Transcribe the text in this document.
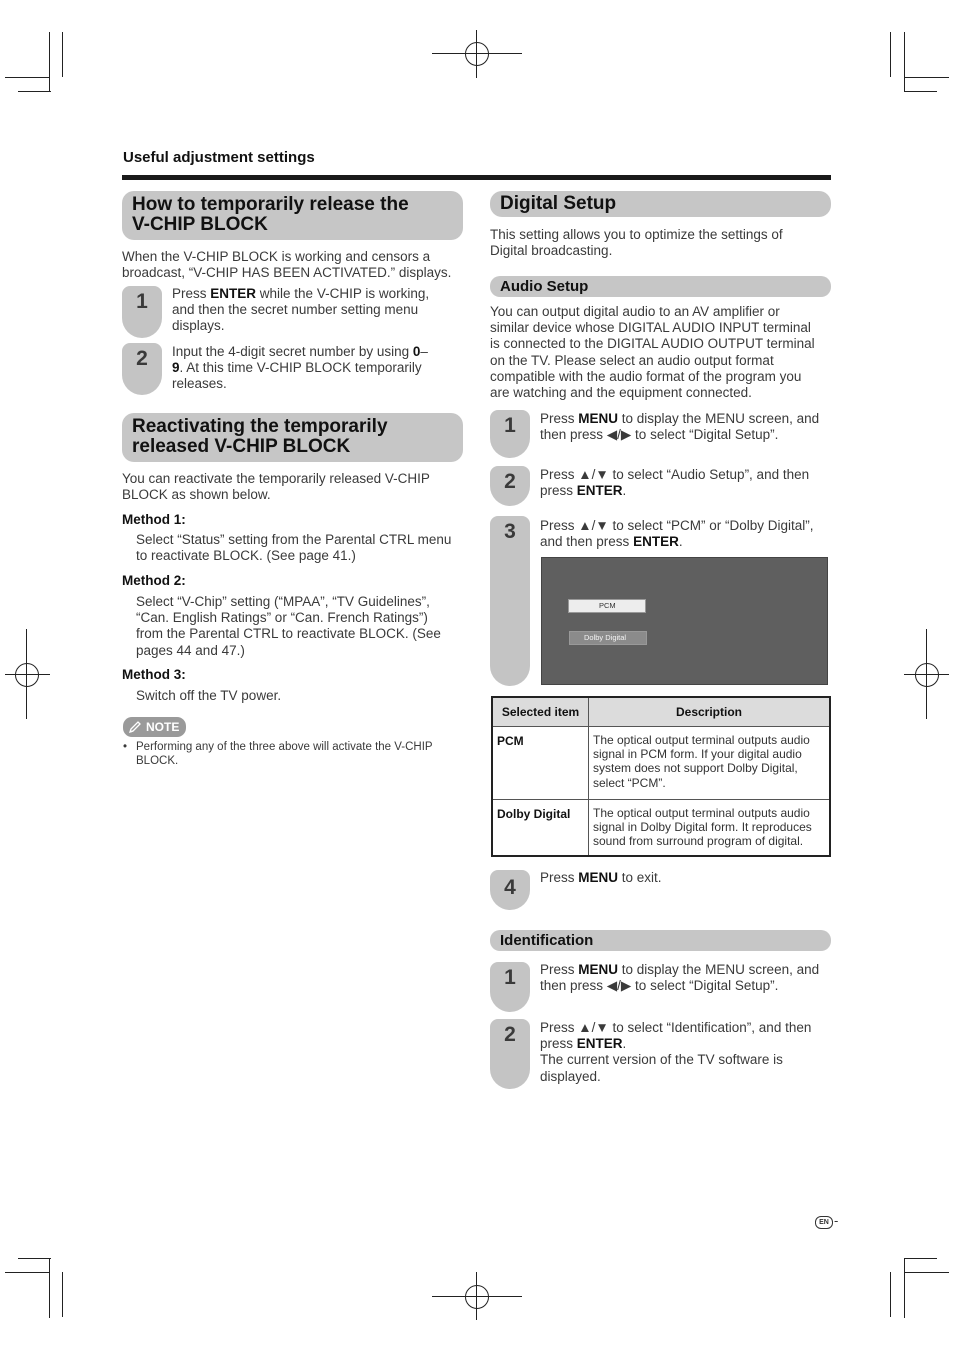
Useful adjustment settings
How to temporarily release the
V-CHIP BLOCK
When the V-CHIP BLOCK is working and censors a
broadcast, “V-CHIP HAS BEEN ACTIVATED.” displays.
1	Press ENTER while the V-CHIP is working,
and then the secret number setting menu
displays.
2	Input the 4-digit secret number by using 0–
9. At this time V-CHIP BLOCK temporarily
releases.
Reactivating the temporarily
released V-CHIP BLOCK
You can reactivate the temporarily released V-CHIP
BLOCK as shown below.
Method 1:
Select “Status” setting from the Parental CTRL menu
to reactivate BLOCK. (See page 41.)
Method 2:
Select “V-Chip” setting (“MPAA”, “TV Guidelines”,
“Can. English Ratings” or “Can. French Ratings”)
from the Parental CTRL to reactivate BLOCK. (See
pages 44 and 47.)
Method 3:
Switch off the TV power.
NOTE
• Performing any of the three above will activate the V-CHIP
BLOCK.
Digital Setup
This setting allows you to optimize the settings of
Digital broadcasting.
Audio Setup
You can output digital audio to an AV amplifier or
similar device whose DIGITAL AUDIO INPUT terminal
is connected to the DIGITAL AUDIO OUTPUT terminal
on the TV. Please select an audio output format
compatible with the audio format of the program you
are watching and the equipment connected.
1	Press MENU to display the MENU screen, and
then press ◀/▶ to select “Digital Setup”.
2	Press ▲/▼ to select “Audio Setup”, and then
press ENTER.
3	Press ▲/▼ to select “PCM” or “Dolby Digital”,
and then press ENTER.
PCM
Dolby Digital
Selected item	Description
PCM	The optical output terminal outputs audio
signal in PCM form. If your digital audio
system does not support Dolby Digital,
select “PCM”.

Dolby Digital	The optical output terminal outputs audio
signal in Dolby Digital form. It reproduces
sound from surround program of digital.
4	Press MENU to exit.
Identification
1	Press MENU to display the MENU screen, and
then press ◀/▶ to select “Digital Setup”.
2	Press ▲/▼ to select “Identification”, and then
press ENTER.
The current version of the TV software is
displayed.
EN -
